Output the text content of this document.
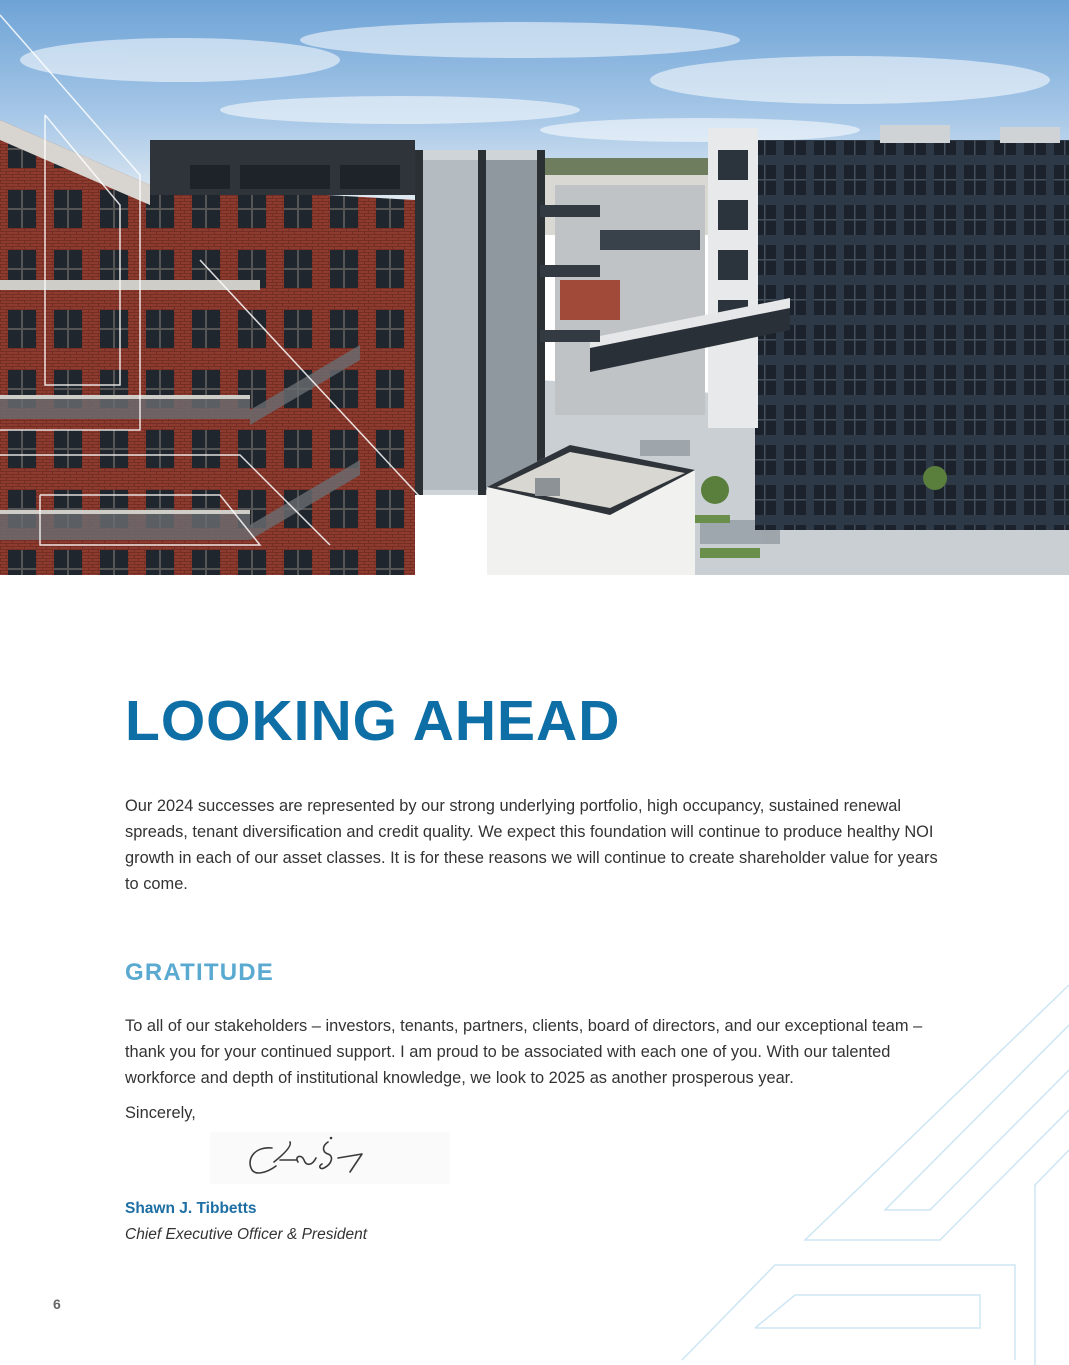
LOOKING AHEAD

Our 2024 successes are represented by our strong underlying portfolio, high occupancy, sustained renewal spreads, tenant diversification and credit quality. We expect this foundation will continue to produce healthy NOI growth in each of our asset classes. It is for these reasons we will continue to create shareholder value for years to come.

GRATITUDE

To all of our stakeholders – investors, tenants, partners, clients, board of directors, and our exceptional team – thank you for your continued support. I am proud to be associated with each one of you. With our talented workforce and depth of institutional knowledge, we look to 2025 as another prosperous year.

Sincerely,
Shawn J. Tibbetts
Chief Executive Officer & President
6
